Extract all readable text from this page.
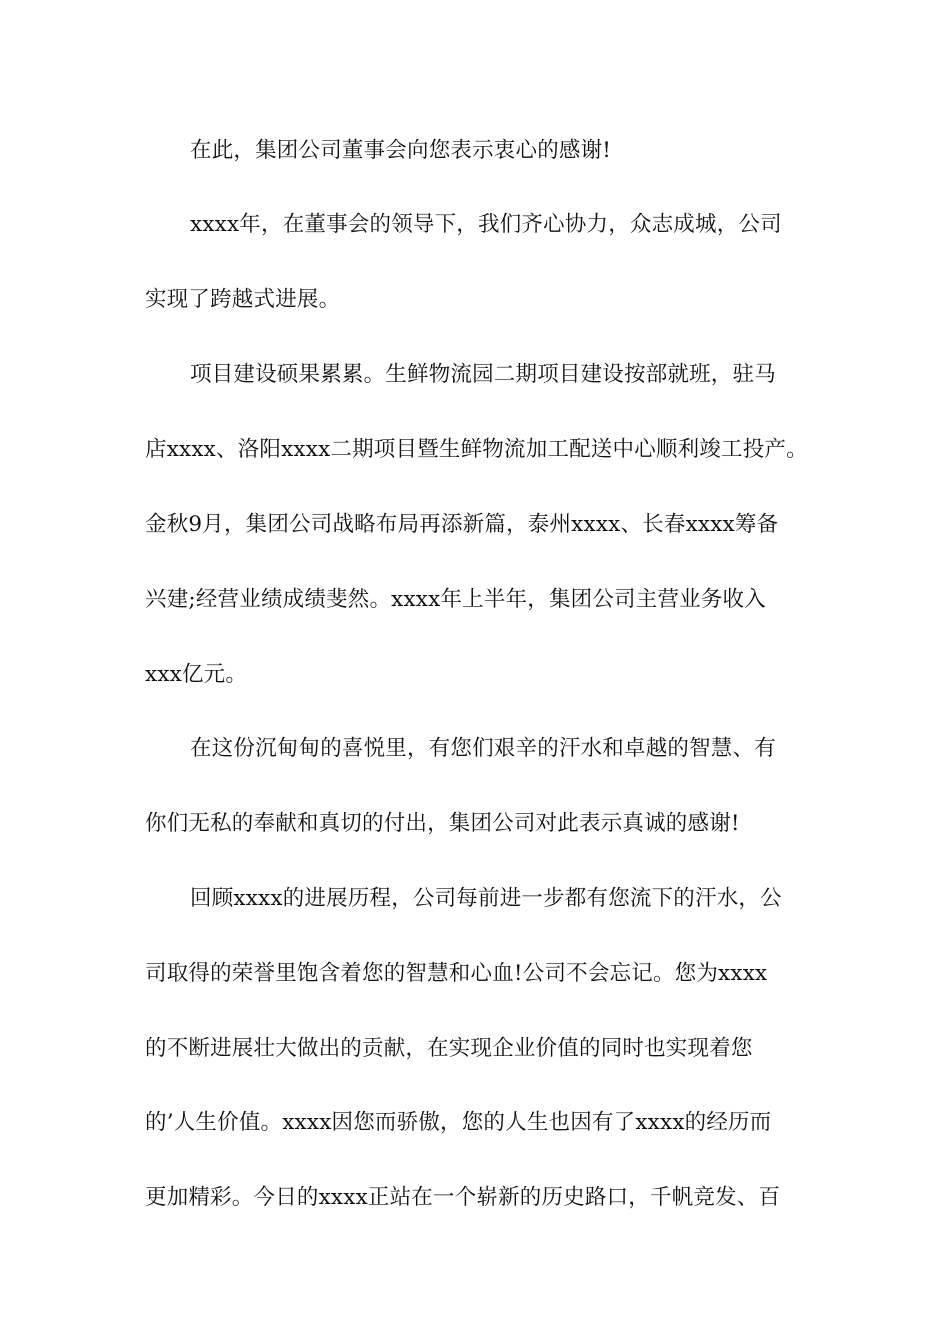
在此，集团公司董事会向您表示衷心的感谢!
xxxx年，在董事会的领导下，我们齐心协力，众志成城，公司
实现了跨越式进展。
项目建设硕果累累。生鲜物流园二期项目建设按部就班，驻马
店xxxx、洛阳xxxx二期项目暨生鲜物流加工配送中心顺利竣工投产。
金秋9月，集团公司战略布局再添新篇，泰州xxxx、长春xxxx筹备
兴建;经营业绩成绩斐然。xxxx年上半年，集团公司主营业务收入
xxx亿元。
在这份沉甸甸的喜悦里，有您们艰辛的汗水和卓越的智慧、有
你们无私的奉献和真切的付出，集团公司对此表示真诚的感谢!
回顾xxxx的进展历程，公司每前进一步都有您流下的汗水，公
司取得的荣誉里饱含着您的智慧和心血!公司不会忘记。您为xxxx
的不断进展壮大做出的贡献，在实现企业价值的同时也实现着您
的’人生价值。xxxx因您而骄傲，您的人生也因有了xxxx的经历而
更加精彩。今日的xxxx正站在一个崭新的历史路口，千帆竞发、百
